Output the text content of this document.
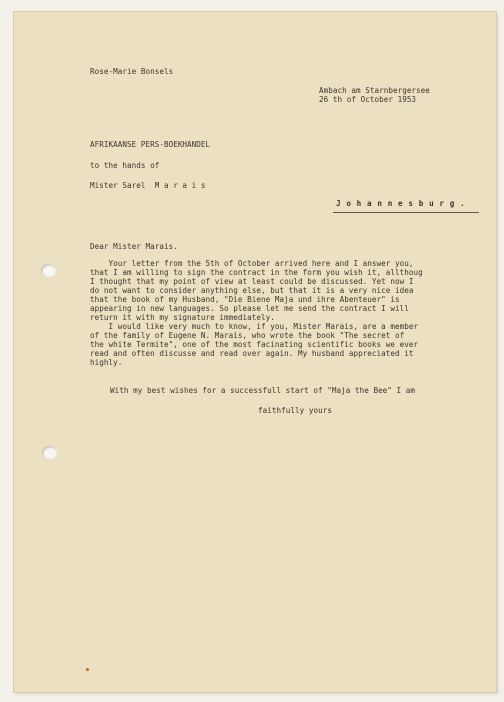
Rose-Marie Bonsels
Ambach am Starnbergersee
26 th of October 1953
AFRIKAANSE PERS-BOEKHANDEL
to the hands of
Mister Sarel  M a r a i s
J o h a n n e s b u r g .
Dear Mister Marais.
Your letter from the 5th of October arrived here and I answer you,
that I am willing to sign the contract in the form you wish it, allthoug
I thought that my point of view at least could be discussed. Yet now I
do not want to consider anything else, but that it is a very nice idea
that the book of my Husband, "Die Biene Maja und ihre Abenteuer" is
appearing in new languages. So please let me send the contract I will
return it with my signature immediately.
I would like very much to know, if you, Mister Marais, are a member
of the family of Eugene N. Marais, who wrote the book "The secret of
the white Termite", one of the most facinating scientific books we ever
read and often discusse and read over again. My husband appreciated it
highly.
With my best wishes for a successfull start of "Maja the Bee" I am
faithfully yours
